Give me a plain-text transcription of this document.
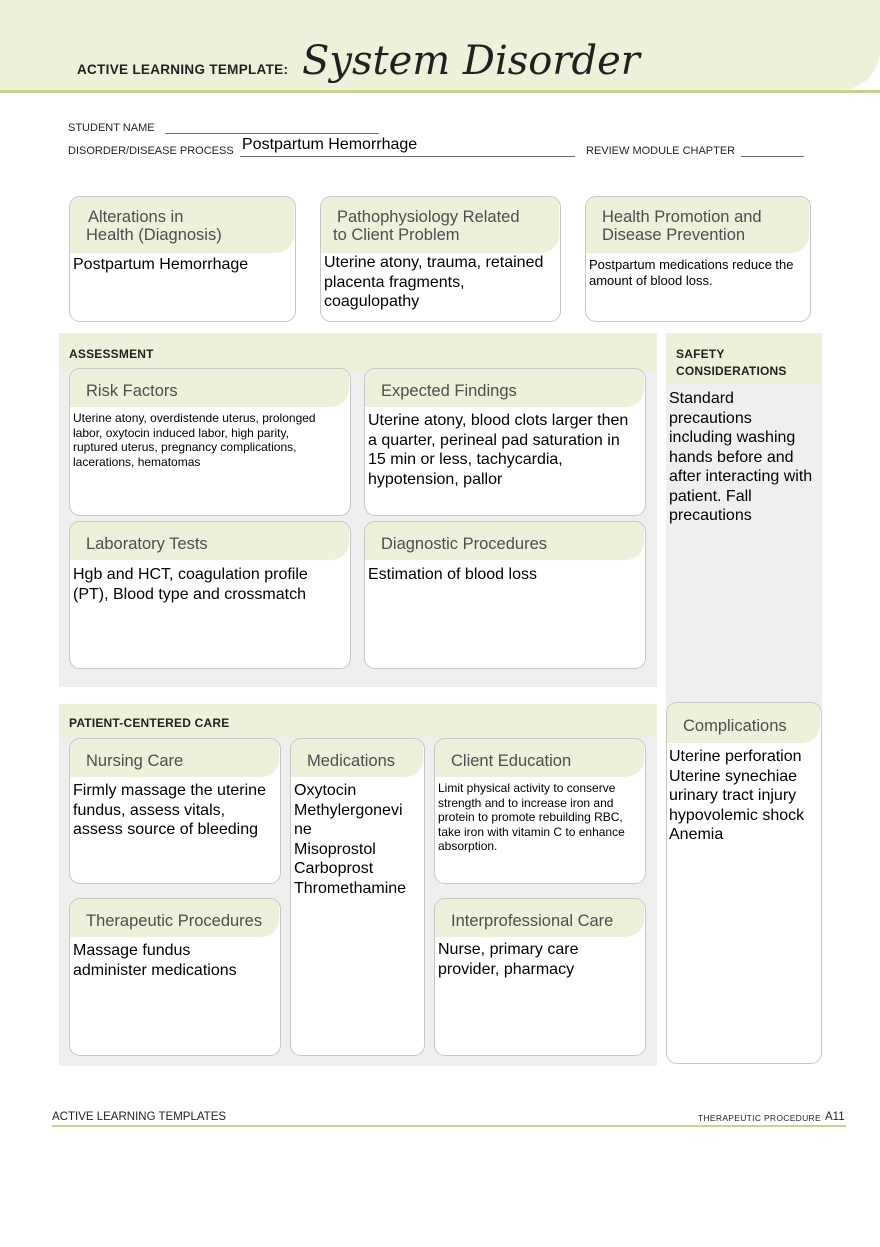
ACTIVE LEARNING TEMPLATE: System Disorder
STUDENT NAME
DISORDER/DISEASE PROCESS Postpartum Hemorrhage	REVIEW MODULE CHAPTER
Alterations in
Health (Diagnosis)
Postpartum Hemorrhage
Pathophysiology Related
to Client Problem
Uterine atony, trauma, retained placenta fragments, coagulopathy
Health Promotion and
Disease Prevention
Postpartum medications reduce the amount of blood loss.
ASSESSMENT
Risk Factors
Uterine atony, overdistende uterus, prolonged labor, oxytocin induced labor, high parity, ruptured uterus, pregnancy complications, lacerations, hematomas
Expected Findings
Uterine atony, blood clots larger then a quarter, perineal pad saturation in 15 min or less, tachycardia, hypotension, pallor
Laboratory Tests
Hgb and HCT, coagulation profile (PT), Blood type and crossmatch
Diagnostic Procedures
Estimation of blood loss
SAFETY
CONSIDERATIONS
Standard precautions including washing hands before and after interacting with patient. Fall precautions
PATIENT-CENTERED CARE
Nursing Care
Firmly massage the uterine fundus, assess vitals, assess source of bleeding
Medications
Oxytocin
Methylergonevi
ne
Misoprostol
Carboprost
Thromethamine
Client Education
Limit physical activity to conserve strength and to increase iron and protein to promote rebuilding RBC, take iron with vitamin C to enhance absorption.
Therapeutic Procedures
Massage fundus
administer medications
Interprofessional Care
Nurse, primary care provider, pharmacy
Complications
Uterine perforation
Uterine synechiae
urinary tract injury
hypovolemic shock
Anemia
ACTIVE LEARNING TEMPLATES	THERAPEUTIC PROCEDURE A11
